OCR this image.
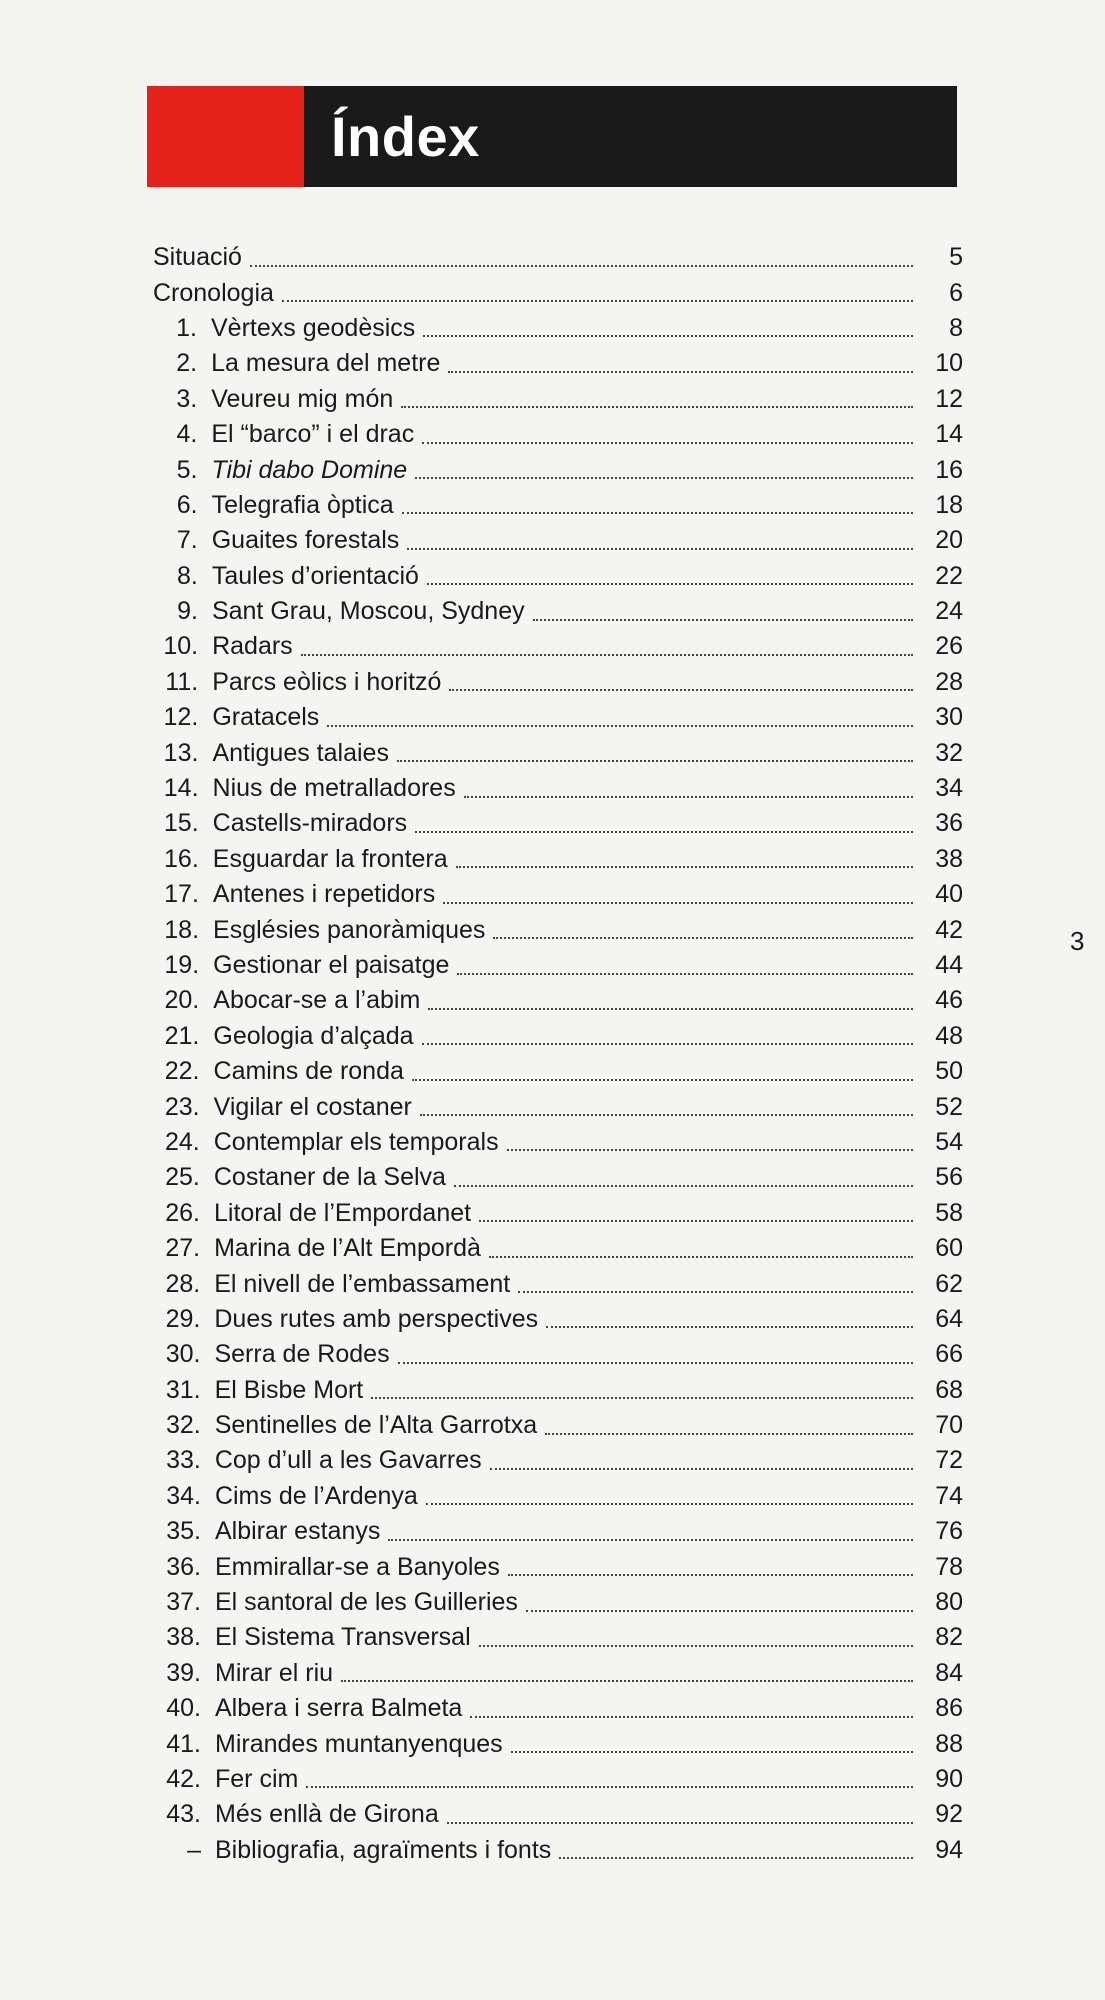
Índex
Situació	5
Cronologia	6
1. Vèrtexs geodèsics	8
2. La mesura del metre	10
3. Veureu mig món	12
4. El “barco” i el drac	14
5. Tibi dabo Domine	16
6. Telegrafia òptica	18
7. Guaites forestals	20
8. Taules d’orientació	22
9. Sant Grau, Moscou, Sydney	24
10. Radars	26
11. Parcs eòlics i horitzó	28
12. Gratacels	30
13. Antigues talaies	32
14. Nius de metralladores	34
15. Castells-miradors	36
16. Esguardar la frontera	38
17. Antenes i repetidors	40
18. Esglésies panoràmiques	42
19. Gestionar el paisatge	44
20. Abocar-se a l’abim	46
21. Geologia d’alçada	48
22. Camins de ronda	50
23. Vigilar el costaner	52
24. Contemplar els temporals	54
25. Costaner de la Selva	56
26. Litoral de l’Empordanet	58
27. Marina de l’Alt Empordà	60
28. El nivell de l’embassament	62
29. Dues rutes amb perspectives	64
30. Serra de Rodes	66
31. El Bisbe Mort	68
32. Sentinelles de l’Alta Garrotxa	70
33. Cop d’ull a les Gavarres	72
34. Cims de l’Ardenya	74
35. Albirar estanys	76
36. Emmirallar-se a Banyoles	78
37. El santoral de les Guilleries	80
38. El Sistema Transversal	82
39. Mirar el riu	84
40. Albera i serra Balmeta	86
41. Mirandes muntanyenques	88
42. Fer cim	90
43. Més enllà de Girona	92
– Bibliografia, agraïments i fonts	94
3
